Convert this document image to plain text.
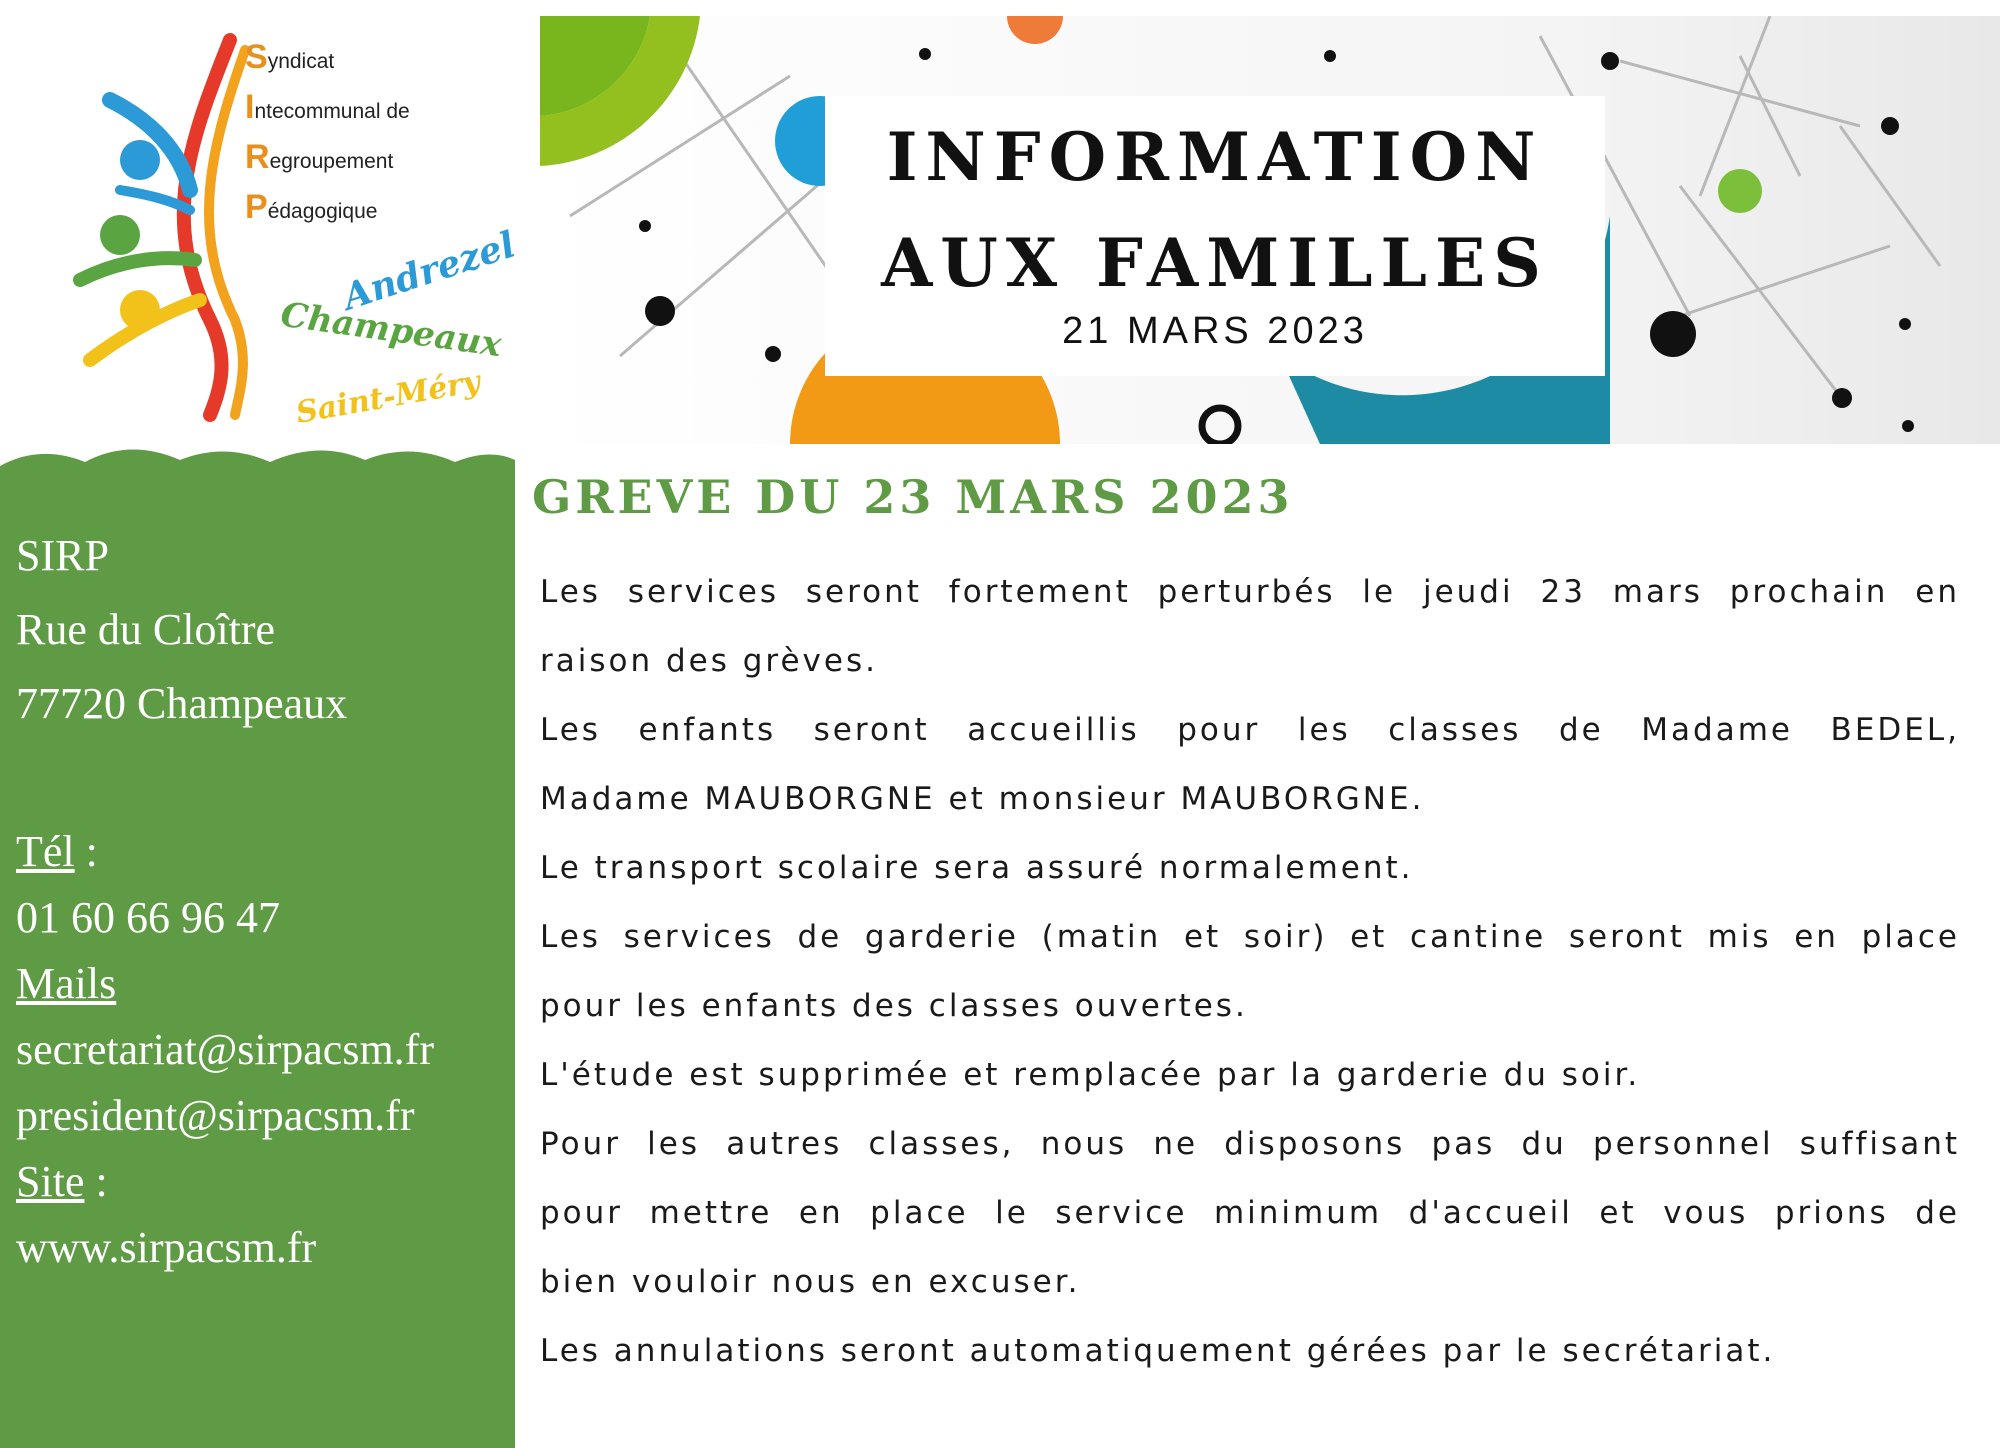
Syndicat
Intecommunal de
Regroupement
Pédagogique
Andrezel
Champeaux
Saint-Méry
INFORMATION
AUX FAMILLES
21 MARS 2023
SIRP
Rue du Cloître
77720 Champeaux
Tél :
01 60 66 96 47
Mails
secretariat@sirpacsm.fr
president@sirpacsm.fr
Site :
www.sirpacsm.fr
GREVE DU 23 MARS 2023
Les services seront fortement perturbés le jeudi 23 mars prochain en
raison des grèves.
Les enfants seront accueillis pour les classes de Madame BEDEL,
Madame MAUBORGNE et monsieur MAUBORGNE.
Le transport scolaire sera assuré normalement.
Les services de garderie (matin et soir) et cantine seront mis en place
pour les enfants des classes ouvertes.
L'étude est supprimée et remplacée par la garderie du soir.
Pour les autres classes, nous ne disposons pas du personnel suffisant
pour mettre en place le service minimum d'accueil et vous prions de
bien vouloir nous en excuser.
Les annulations seront automatiquement gérées par le secrétariat.
